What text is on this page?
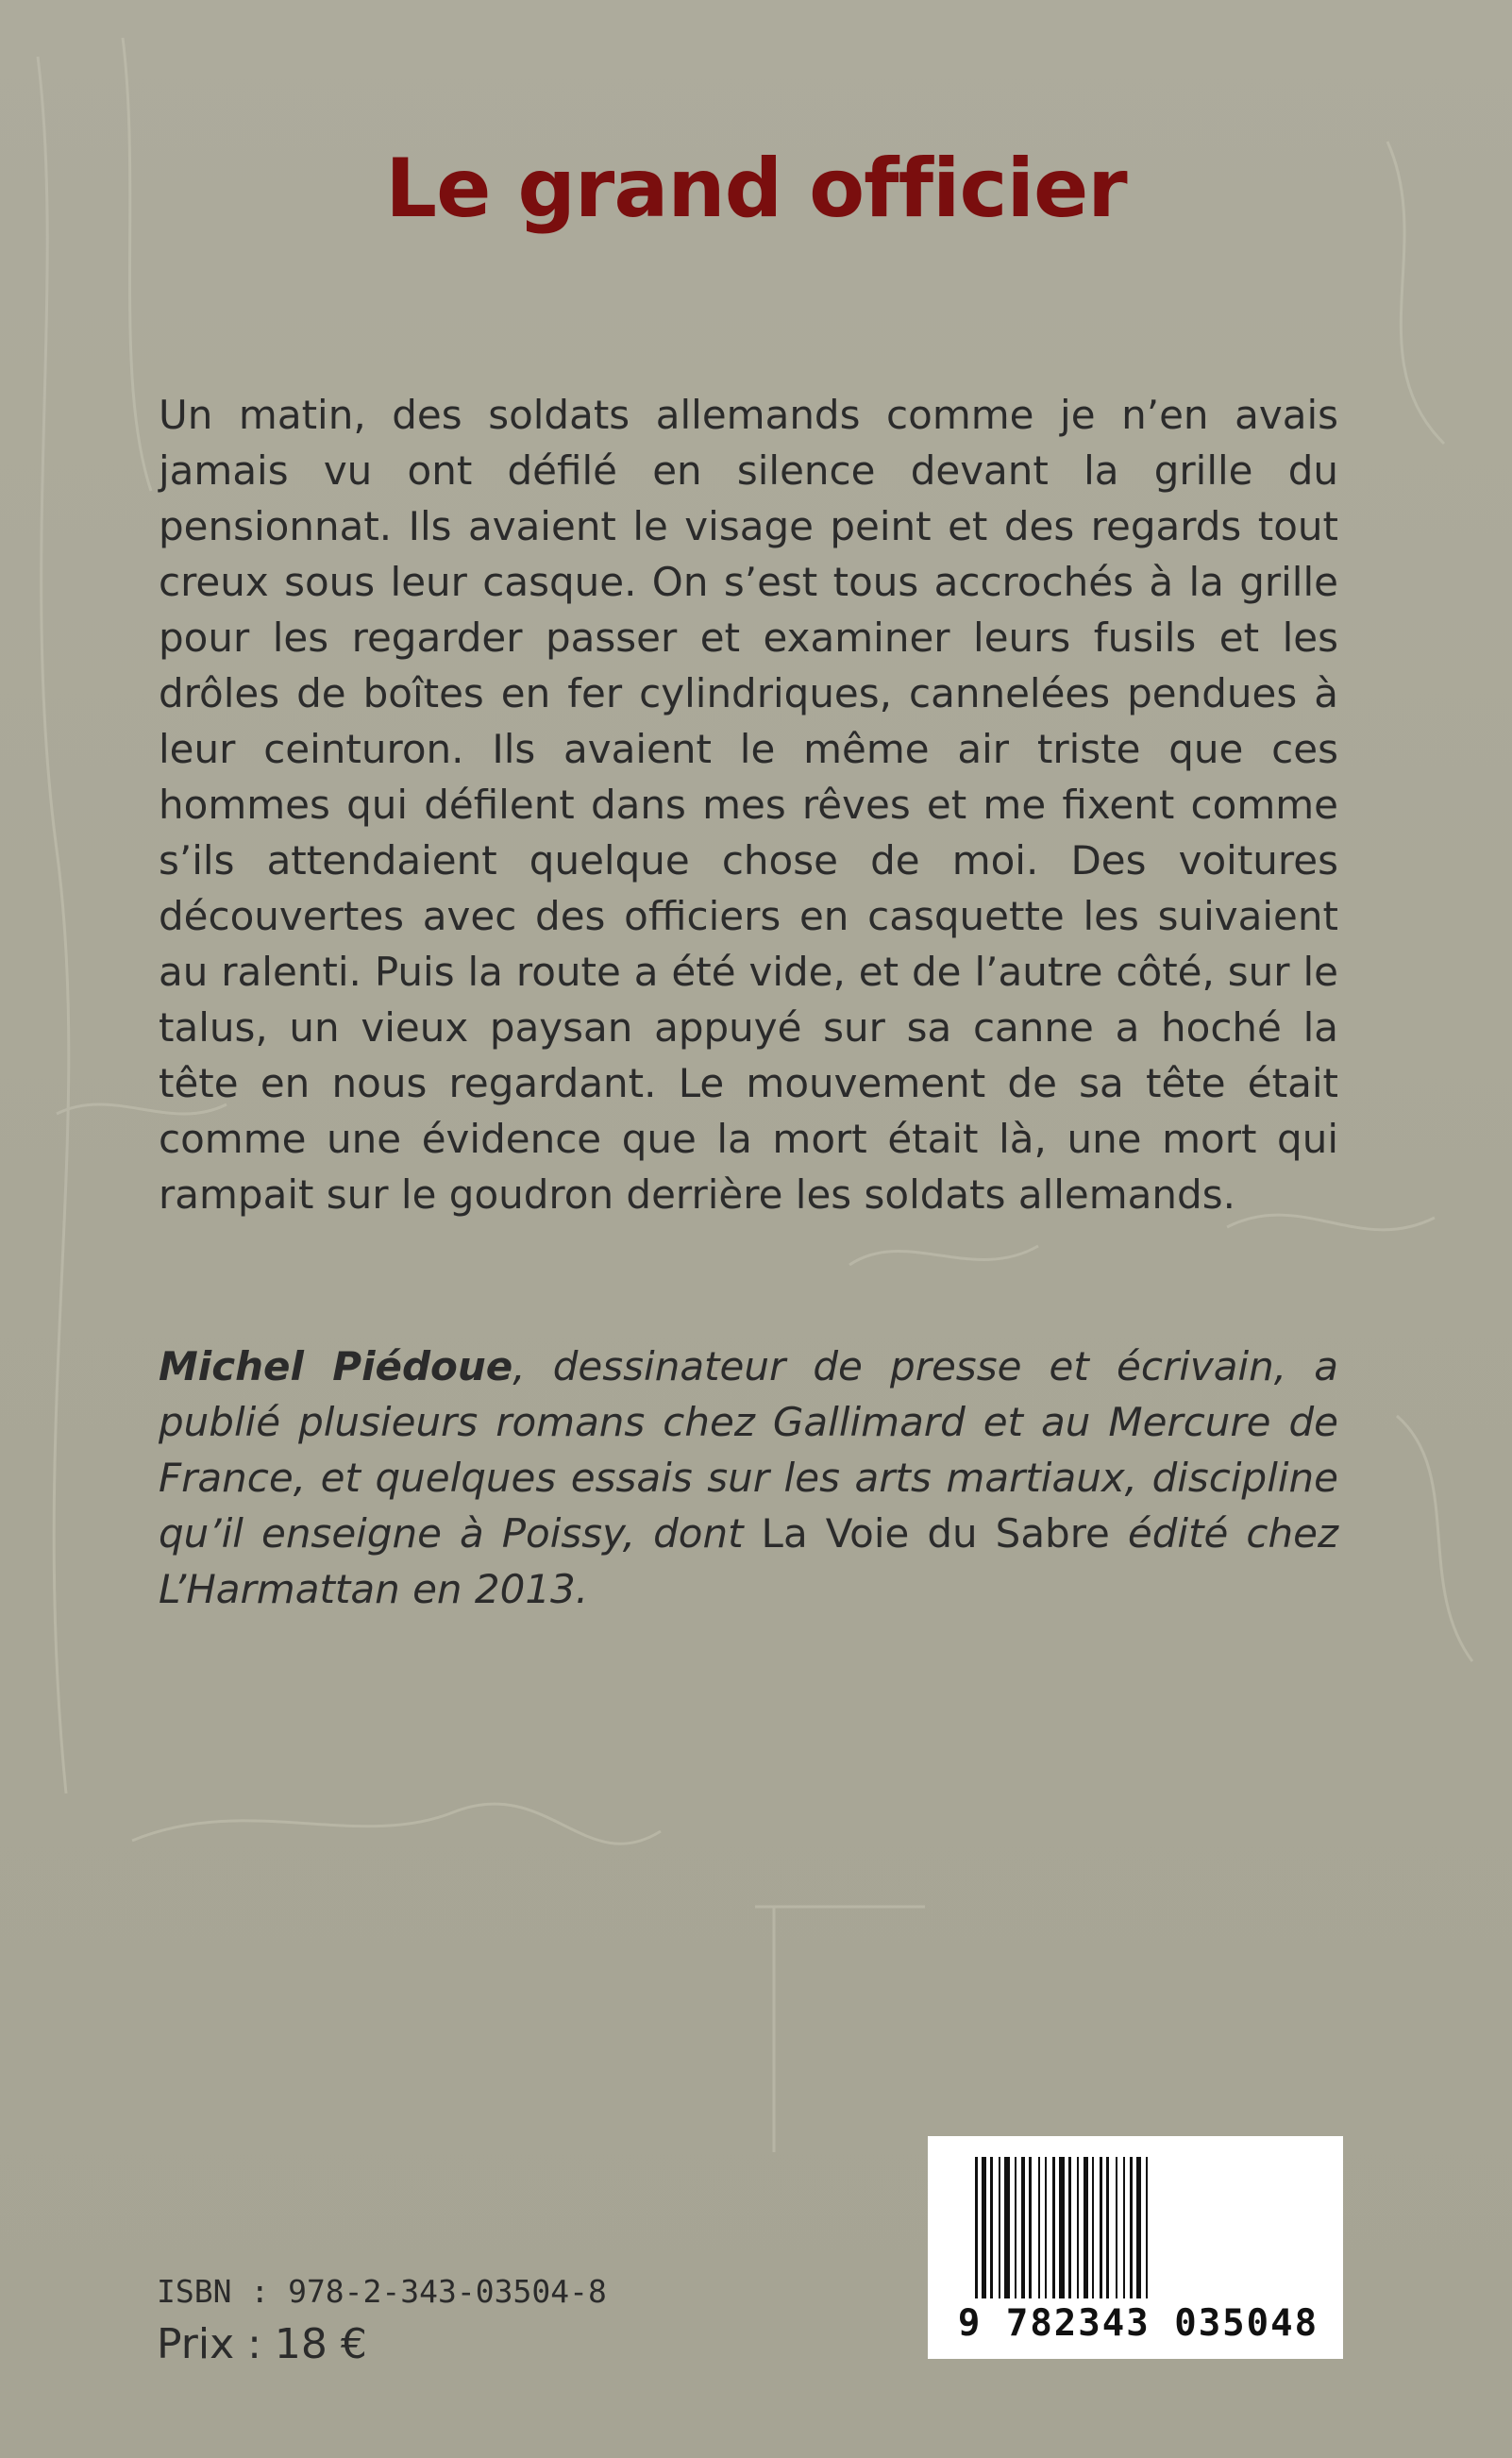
Le grand officier

Un matin, des soldats allemands comme je n’en avais jamais vu ont défilé en silence devant la grille du pensionnat. Ils avaient le visage peint et des regards tout creux sous leur casque. On s’est tous accrochés à la grille pour les regarder passer et examiner leurs fusils et les drôles de boîtes en fer cylindriques, cannelées pendues à leur ceinturon. Ils avaient le même air triste que ces hommes qui défilent dans mes rêves et me fixent comme s’ils attendaient quelque chose de moi. Des voitures découvertes avec des officiers en casquette les suivaient au ralenti. Puis la route a été vide, et de l’autre côté, sur le talus, un vieux paysan appuyé sur sa canne a hoché la tête en nous regardant. Le mouvement de sa tête était comme une évidence que la mort était là, une mort qui rampait sur le goudron derrière les soldats allemands.

Michel Piédoue, dessinateur de presse et écrivain, a publié plusieurs romans chez Gallimard et au Mercure de France, et quelques essais sur les arts martiaux, discipline qu’il enseigne à Poissy, dont La Voie du Sabre édité chez L’Harmattan en 2013.

ISBN : 978-2-343-03504-8
Prix : 18 €	9 782343 035048
